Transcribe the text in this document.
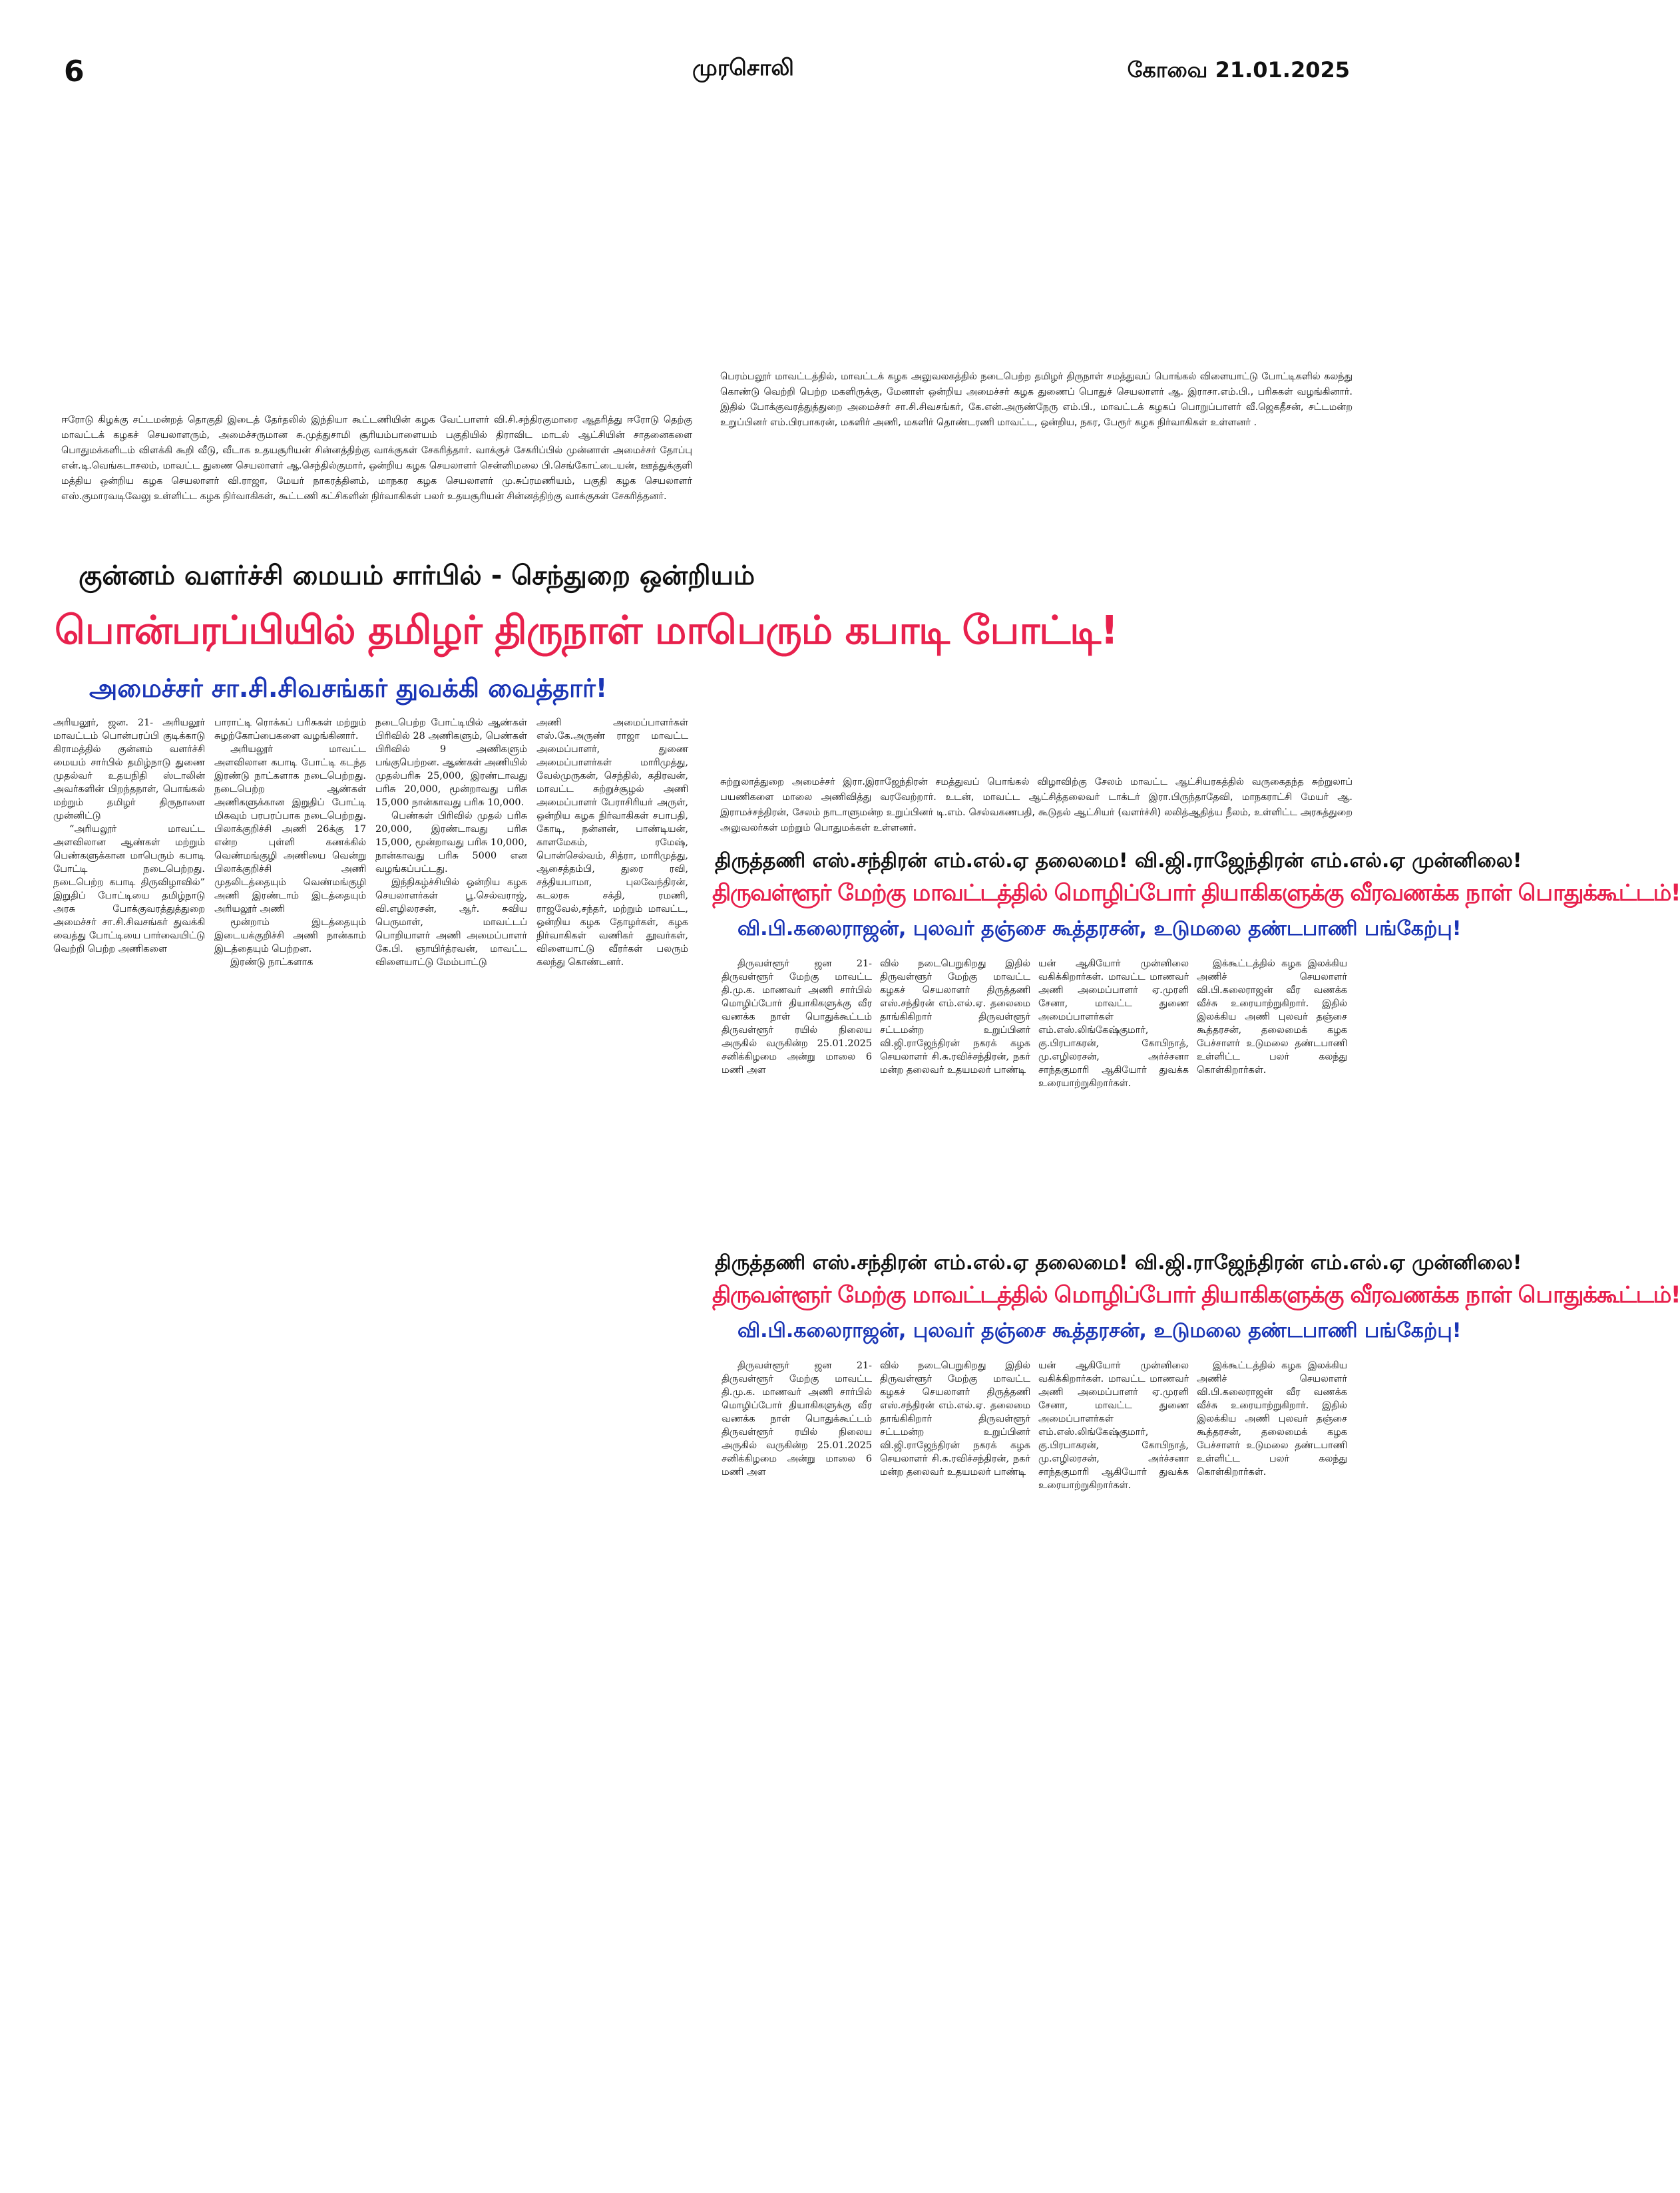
6	முரசொலி	கோவை 21.01.2025
ஈரோடு கிழக்கு சட்டமன்றத் தொகுதி இடைத் தேர்தலில் இந்தியா கூட்டணியின் கழக வேட்பாளர் வி.சி.சந்திரகுமாரை ஆதரித்து ஈரோடு தெற்கு மாவட்டக் கழகச் செயலாளரும், அமைச்சருமான சு.முத்துசாமி சூரியம்பாளையம் பகுதியில் திராவிட மாடல் ஆட்சியின் சாதனைகளை பொதுமக்களிடம் விளக்கி கூறி வீடு, வீடாக உதயசூரியன் சின்னத்திற்கு வாக்குகள் சேகரித்தார். வாக்குச் சேகரிப்பில் முன்னாள் அமைச்சர் தோப்பு என்.டி.வெங்கடாசலம், மாவட்ட துணை செயலாளர் ஆ.செந்தில்குமார், ஒன்றிய கழக செயலாளர் சென்னிமலை பி.செங்கோட்டையன், ஊத்துக்குளி மத்திய ஒன்றிய கழக செயலாளர் வி.ராஜா, மேயர் நாகரத்தினம், மாநகர கழக செயலாளர் மு.சுப்ரமணியம், பகுதி கழக செயலாளர் எஸ்.குமாரவடிவேலு உள்ளிட்ட கழக நிர்வாகிகள், கூட்டணி கட்சிகளின் நிர்வாகிகள் பலர் உதயசூரியன் சின்னத்திற்கு வாக்குகள் சேகரித்தனர்.
பெரம்பலூர் மாவட்டத்தில், மாவட்டக் கழக அலுவலகத்தில் நடைபெற்ற தமிழர் திருநாள் சமத்துவப் பொங்கல் விளையாட்டு போட்டிகளில் கலந்து கொண்டு வெற்றி பெற்ற மகளிருக்கு, மேனாள் ஒன்றிய அமைச்சர் கழக துணைப் பொதுச் செயலாளர் ஆ. இராசா.எம்.பி., பரிசுகள் வழங்கினார். இதில் போக்குவரத்துத்துறை அமைச்சர் சா.சி.சிவசங்கர், கே.என்.அருண்நேரு எம்.பி., மாவட்டக் கழகப் பொறுப்பாளர் வீ.ஜெகதீசன், சட்டமன்ற உறுப்பினர் எம்.பிரபாகரன், மகளிர் அணி, மகளிர் தொண்டரணி மாவட்ட, ஒன்றிய, நகர, பேரூர் கழக நிர்வாகிகள் உள்ளனர் .
சுற்றுலாத்துறை அமைச்சர் இரா.இராஜேந்திரன் சமத்துவப் பொங்கல் விழாவிற்கு சேலம் மாவட்ட ஆட்சியரகத்தில் வருகைதந்த சுற்றுலாப் பயணிகளை மாலை அணிவித்து வரவேற்றார். உடன், மாவட்ட ஆட்சித்தலைவர் டாக்டர் இரா.பிருந்தாதேவி, மாநகராட்சி மேயர் ஆ. இராமச்சந்திரன், சேலம் நாடாளுமன்ற உறுப்பினர் டி.எம். செல்வகணபதி, கூடுதல் ஆட்சியர் (வளர்ச்சி) லலித்ஆதித்ய நீலம், உள்ளிட்ட அரசுத்துறை அலுவலர்கள் மற்றும் பொதுமக்கள் உள்ளனர்.
குன்னம் வளர்ச்சி மையம் சார்பில் - செந்துறை ஒன்றியம்
பொன்பரப்பியில் தமிழர் திருநாள் மாபெரும் கபாடி போட்டி!
அமைச்சர் சா.சி.சிவசங்கர் துவக்கி வைத்தார்!

அரியலூர், ஜன. 21- அரியலூர் மாவட்டம் பொன்பரப்பி குடிக்காடு கிராமத்தில் குன்னம் வளர்ச்சி மையம் சார்பில் தமிழ்நாடு துணை முதல்வர் உதயநிதி ஸ்டாலின் அவர்களின் பிறந்தநாள், பொங்கல் மற்றும் தமிழர் திருநாளை முன்னிட்டு

“அரியலூர் மாவட்ட அளவிலான ஆண்கள் மற்றும் பெண்களுக்கான மாபெரும் கபாடி போட்டி நடைபெற்றது. நடைபெற்ற கபாடி திருவிழாவில்” இறுதிப் போட்டியை தமிழ்நாடு அரசு போக்குவரத்துத்துறை அமைச்சர் சா.சி.சிவசங்கர் துவக்கி வைத்து போட்டியை பார்வையிட்டு வெற்றி பெற்ற அணிகளை

பாராட்டி ரொக்கப் பரிசுகள் மற்றும் சுழற்கோப்பைகளை வழங்கினார்.

அரியலூர் மாவட்ட அளவிலான கபாடி போட்டி கடந்த இரண்டு நாட்களாக நடைபெற்றது. நடைபெற்ற ஆண்கள் அணிகளுக்கான இறுதிப் போட்டி மிகவும் பரபரப்பாக நடைபெற்றது. பிலாக்குறிச்சி அணி 26க்கு 17 என்ற புள்ளி கணக்கில் வெண்மங்குழி அணியை வென்று பிலாக்குறிச்சி அணி முதலிடத்தையும் வெண்மங்குழி அணி இரண்டாம் இடத்தையும் அரியலூர் அணி

மூன்றாம் இடத்தையும் இடையக்குறிச்சி அணி நான்காம் இடத்தையும் பெற்றன.

இரண்டு நாட்களாக

நடைபெற்ற போட்டியில் ஆண்கள் பிரிவில் 28 அணிகளும், பெண்கள் பிரிவில் 9 அணிகளும் பங்குபெற்றன. ஆண்கள் அணியில் முதல்பரிசு 25,000, இரண்டாவது பரிசு 20,000, மூன்றாவது பரிசு 15,000 நான்காவது பரிசு 10,000.

பெண்கள் பிரிவில் முதல் பரிசு 20,000, இரண்டாவது பரிசு 15,000, மூன்றாவது பரிசு 10,000, நான்காவது பரிசு 5000 என வழங்கப்பட்டது.

இந்நிகழ்ச்சியில் ஒன்றிய கழக செயலாளர்கள் பூ.செல்வராஜ், வி.எழிலரசன், ஆர். சுவிய பெருமாள், மாவட்டப் பொறியாளர் அணி அமைப்பாளர் கே.பி. ஞாயிர்த்ரவன், மாவட்ட விளையாட்டு மேம்பாட்டு

அணி அமைப்பாளர்கள் எஸ்.கே.அருண் ராஜா மாவட்ட அமைப்பாளர், துணை அமைப்பாளர்கள் மாரிமுத்து, வேல்முருகன், செந்தில், கதிரவன், மாவட்ட சுற்றுச்சூழல் அணி அமைப்பாளர் பேராசிரியர் அருள், ஒன்றிய கழக நிர்வாகிகள் சபாபதி, கோடி, நன்னன், பாண்டியன், காளமேகம், ரமேஷ், பொன்செல்வம், சித்ரா, மாரிமுத்து, ஆசைத்தம்பி, துரை ரவி, சத்தியபாமா, புலவேந்திரன், கடலரசு சக்தி, ரமணி, ராஜவேல்,சந்தர், மற்றும் மாவட்ட, ஒன்றிய கழக தோழர்கள், கழக நிர்வாகிகள் வணிகர் தூவர்கள், விளையாட்டு வீரர்கள் பலரும் கலந்து கொண்டனர்.

திருத்தணி எஸ்.சந்திரன் எம்.எல்.ஏ தலைமை! வி.ஜி.ராஜேந்திரன் எம்.எல்.ஏ முன்னிலை!
திருவள்ளூர் மேற்கு மாவட்டத்தில் மொழிப்போர் தியாகிகளுக்கு வீரவணக்க நாள் பொதுக்கூட்டம்!
வி.பி.கலைராஜன், புலவர் தஞ்சை கூத்தரசன், உடுமலை தண்டபாணி பங்கேற்பு!

திருவள்ளூர் ஜன 21- திருவள்ளூர் மேற்கு மாவட்ட தி.மு.க. மாணவர் அணி சார்பில் மொழிப்போர் தியாகிகளுக்கு வீர வணக்க நாள் பொதுக்கூட்டம் திருவள்ளூர் ரயில் நிலைய அருகில் வருகின்ற 25.01.2025 சனிக்கிழமை அன்று மாலை 6 மணி அள

வில் நடைபெறுகிறது இதில் திருவள்ளூர் மேற்கு மாவட்ட கழகச் செயலாளர் திருத்தணி எஸ்.சந்திரன் எம்.எல்.ஏ. தலைமை தாங்கிகிறார் திருவள்ளூர் சட்டமன்ற உறுப்பினர் வி.ஜி.ராஜேந்திரன் நகரக் கழக செயலாளர் சி.சு.ரவிச்சந்திரன், நகர் மன்ற தலைவர் உதயமலர் பாண்டி

யன் ஆகியோர் முன்னிலை வகிக்கிறார்கள். மாவட்ட மாணவர் அணி அமைப்பாளர் ஏ.முரளி சேனா, மாவட்ட துணை அமைப்பாளர்கள் எம்.எஸ்.லிங்கேஷ்குமார், கு.பிரபாகரன், கோபிநாத், மு.எழிலரசன், அர்ச்சனா சாந்தகுமாரி ஆகியோர் துவக்க உரையாற்றுகிறார்கள்.

இக்கூட்டத்தில் கழக இலக்கிய அணிச் செயலாளர் வி.பி.கலைராஜன் வீர வணக்க வீச்சு உரையாற்றுகிறார். இதில் இலக்கிய அணி புலவர் தஞ்சை கூத்தரசன், தலைமைக் கழக பேச்சாளர் உடுமலை தண்டபாணி உள்ளிட்ட பலர் கலந்து கொள்கிறார்கள்.

திருத்தணி எஸ்.சந்திரன் எம்.எல்.ஏ தலைமை! வி.ஜி.ராஜேந்திரன் எம்.எல்.ஏ முன்னிலை!
திருவள்ளூர் மேற்கு மாவட்டத்தில் மொழிப்போர் தியாகிகளுக்கு வீரவணக்க நாள் பொதுக்கூட்டம்!
வி.பி.கலைராஜன், புலவர் தஞ்சை கூத்தரசன், உடுமலை தண்டபாணி பங்கேற்பு!

திருவள்ளூர் ஜன 21- திருவள்ளூர் மேற்கு மாவட்ட தி.மு.க. மாணவர் அணி சார்பில் மொழிப்போர் தியாகிகளுக்கு வீர வணக்க நாள் பொதுக்கூட்டம் திருவள்ளூர் ரயில் நிலைய அருகில் வருகின்ற 25.01.2025 சனிக்கிழமை அன்று மாலை 6 மணி அள

வில் நடைபெறுகிறது இதில் திருவள்ளூர் மேற்கு மாவட்ட கழகச் செயலாளர் திருத்தணி எஸ்.சந்திரன் எம்.எல்.ஏ. தலைமை தாங்கிகிறார் திருவள்ளூர் சட்டமன்ற உறுப்பினர் வி.ஜி.ராஜேந்திரன் நகரக் கழக செயலாளர் சி.சு.ரவிச்சந்திரன், நகர் மன்ற தலைவர் உதயமலர் பாண்டி

யன் ஆகியோர் முன்னிலை வகிக்கிறார்கள். மாவட்ட மாணவர் அணி அமைப்பாளர் ஏ.முரளி சேனா, மாவட்ட துணை அமைப்பாளர்கள் எம்.எஸ்.லிங்கேஷ்குமார், கு.பிரபாகரன், கோபிநாத், மு.எழிலரசன், அர்ச்சனா சாந்தகுமாரி ஆகியோர் துவக்க உரையாற்றுகிறார்கள்.

இக்கூட்டத்தில் கழக இலக்கிய அணிச் செயலாளர் வி.பி.கலைராஜன் வீர வணக்க வீச்சு உரையாற்றுகிறார். இதில் இலக்கிய அணி புலவர் தஞ்சை கூத்தரசன், தலைமைக் கழக பேச்சாளர் உடுமலை தண்டபாணி உள்ளிட்ட பலர் கலந்து கொள்கிறார்கள்.
